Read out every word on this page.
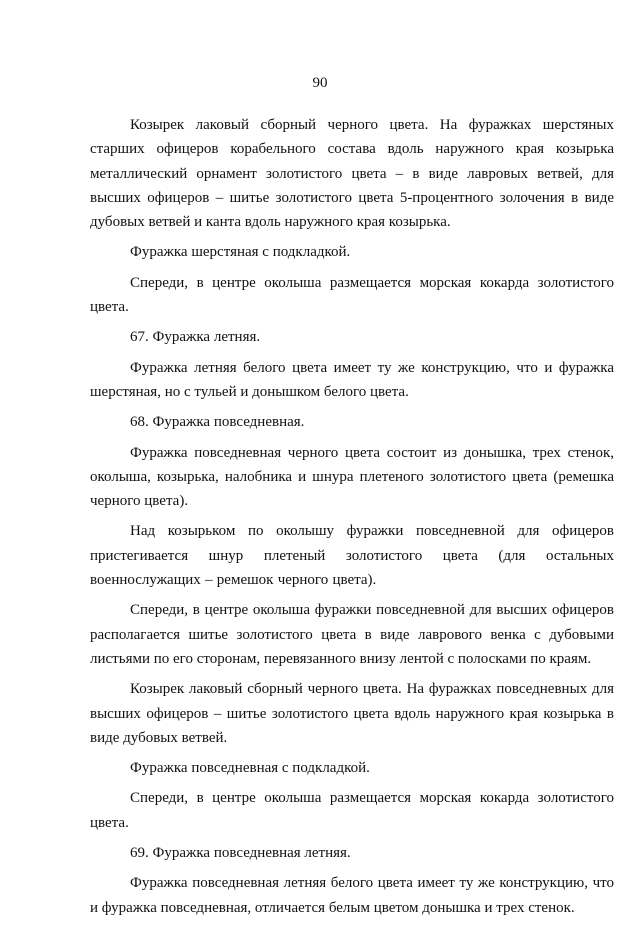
90

Козырек лаковый сборный черного цвета. На фуражках шерстяных старших офицеров корабельного состава вдоль наружного края козырька металлический орнамент золотистого цвета – в виде лавровых ветвей, для высших офицеров – шитье золотистого цвета 5-процентного золочения в виде дубовых ветвей и канта вдоль наружного края козырька.

Фуражка шерстяная с подкладкой.

Спереди, в центре околыша размещается морская кокарда золотистого цвета.

67. Фуражка летняя.

Фуражка летняя белого цвета имеет ту же конструкцию, что и фуражка шерстяная, но с тульей и донышком белого цвета.

68. Фуражка повседневная.

Фуражка повседневная черного цвета состоит из донышка, трех стенок, околыша, козырька, налобника и шнура плетеного золотистого цвета (ремешка черного цвета).

Над козырьком по околышу фуражки повседневной для офицеров пристегивается шнур плетеный золотистого цвета (для остальных военнослужащих – ремешок черного цвета).

Спереди, в центре околыша фуражки повседневной для высших офицеров располагается шитье золотистого цвета в виде лаврового венка с дубовыми листьями по его сторонам, перевязанного внизу лентой с полосками по краям.

Козырек лаковый сборный черного цвета. На фуражках повседневных для высших офицеров – шитье золотистого цвета вдоль наружного края козырька в виде дубовых ветвей.

Фуражка повседневная с подкладкой.

Спереди, в центре околыша размещается морская кокарда золотистого цвета.

69. Фуражка повседневная летняя.

Фуражка повседневная летняя белого цвета имеет ту же конструкцию, что и фуражка повседневная, отличается белым цветом донышка и трех стенок.
